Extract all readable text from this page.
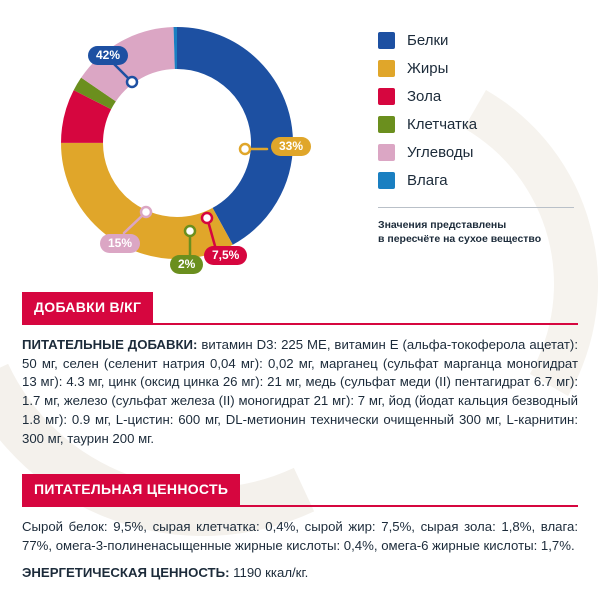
42%
33%
2%
7,5%
15%
Белки
Жиры
Зола
Клетчатка
Углеводы
Влага
Значения представлены
в пересчёте на сухое вещество
ДОБАВКИ В/КГ
ПИТАТЕЛЬНЫЕ ДОБАВКИ: витамин D3: 225 МЕ, витамин Е (альфа-токоферола ацетат): 50 мг, селен (селенит натрия 0,04 мг): 0,02 мг, марганец (сульфат марганца моногидрат 13 мг): 4.3 мг, цинк (оксид цинка 26 мг): 21 мг, медь (сульфат меди (II) пентагидрат 6.7 мг): 1.7 мг, железо (сульфат железа (II) моногидрат 21 мг): 7 мг, йод (йодат кальция безводный 1.8 мг): 0.9 мг, L-цистин: 600 мг, DL-метионин технически очищенный 300 мг, L-карнитин: 300 мг, таурин 200 мг.
ПИТАТЕЛЬНАЯ ЦЕННОСТЬ
Сырой белок: 9,5%, сырая клетчатка: 0,4%, сырой жир: 7,5%, сырая зола: 1,8%, влага: 77%, омега-3-полиненасыщенные жирные кислоты: 0,4%, омега-6 жирные кислоты: 1,7%.
ЭНЕРГЕТИЧЕСКАЯ ЦЕННОСТЬ: 1190 ккал/кг.
